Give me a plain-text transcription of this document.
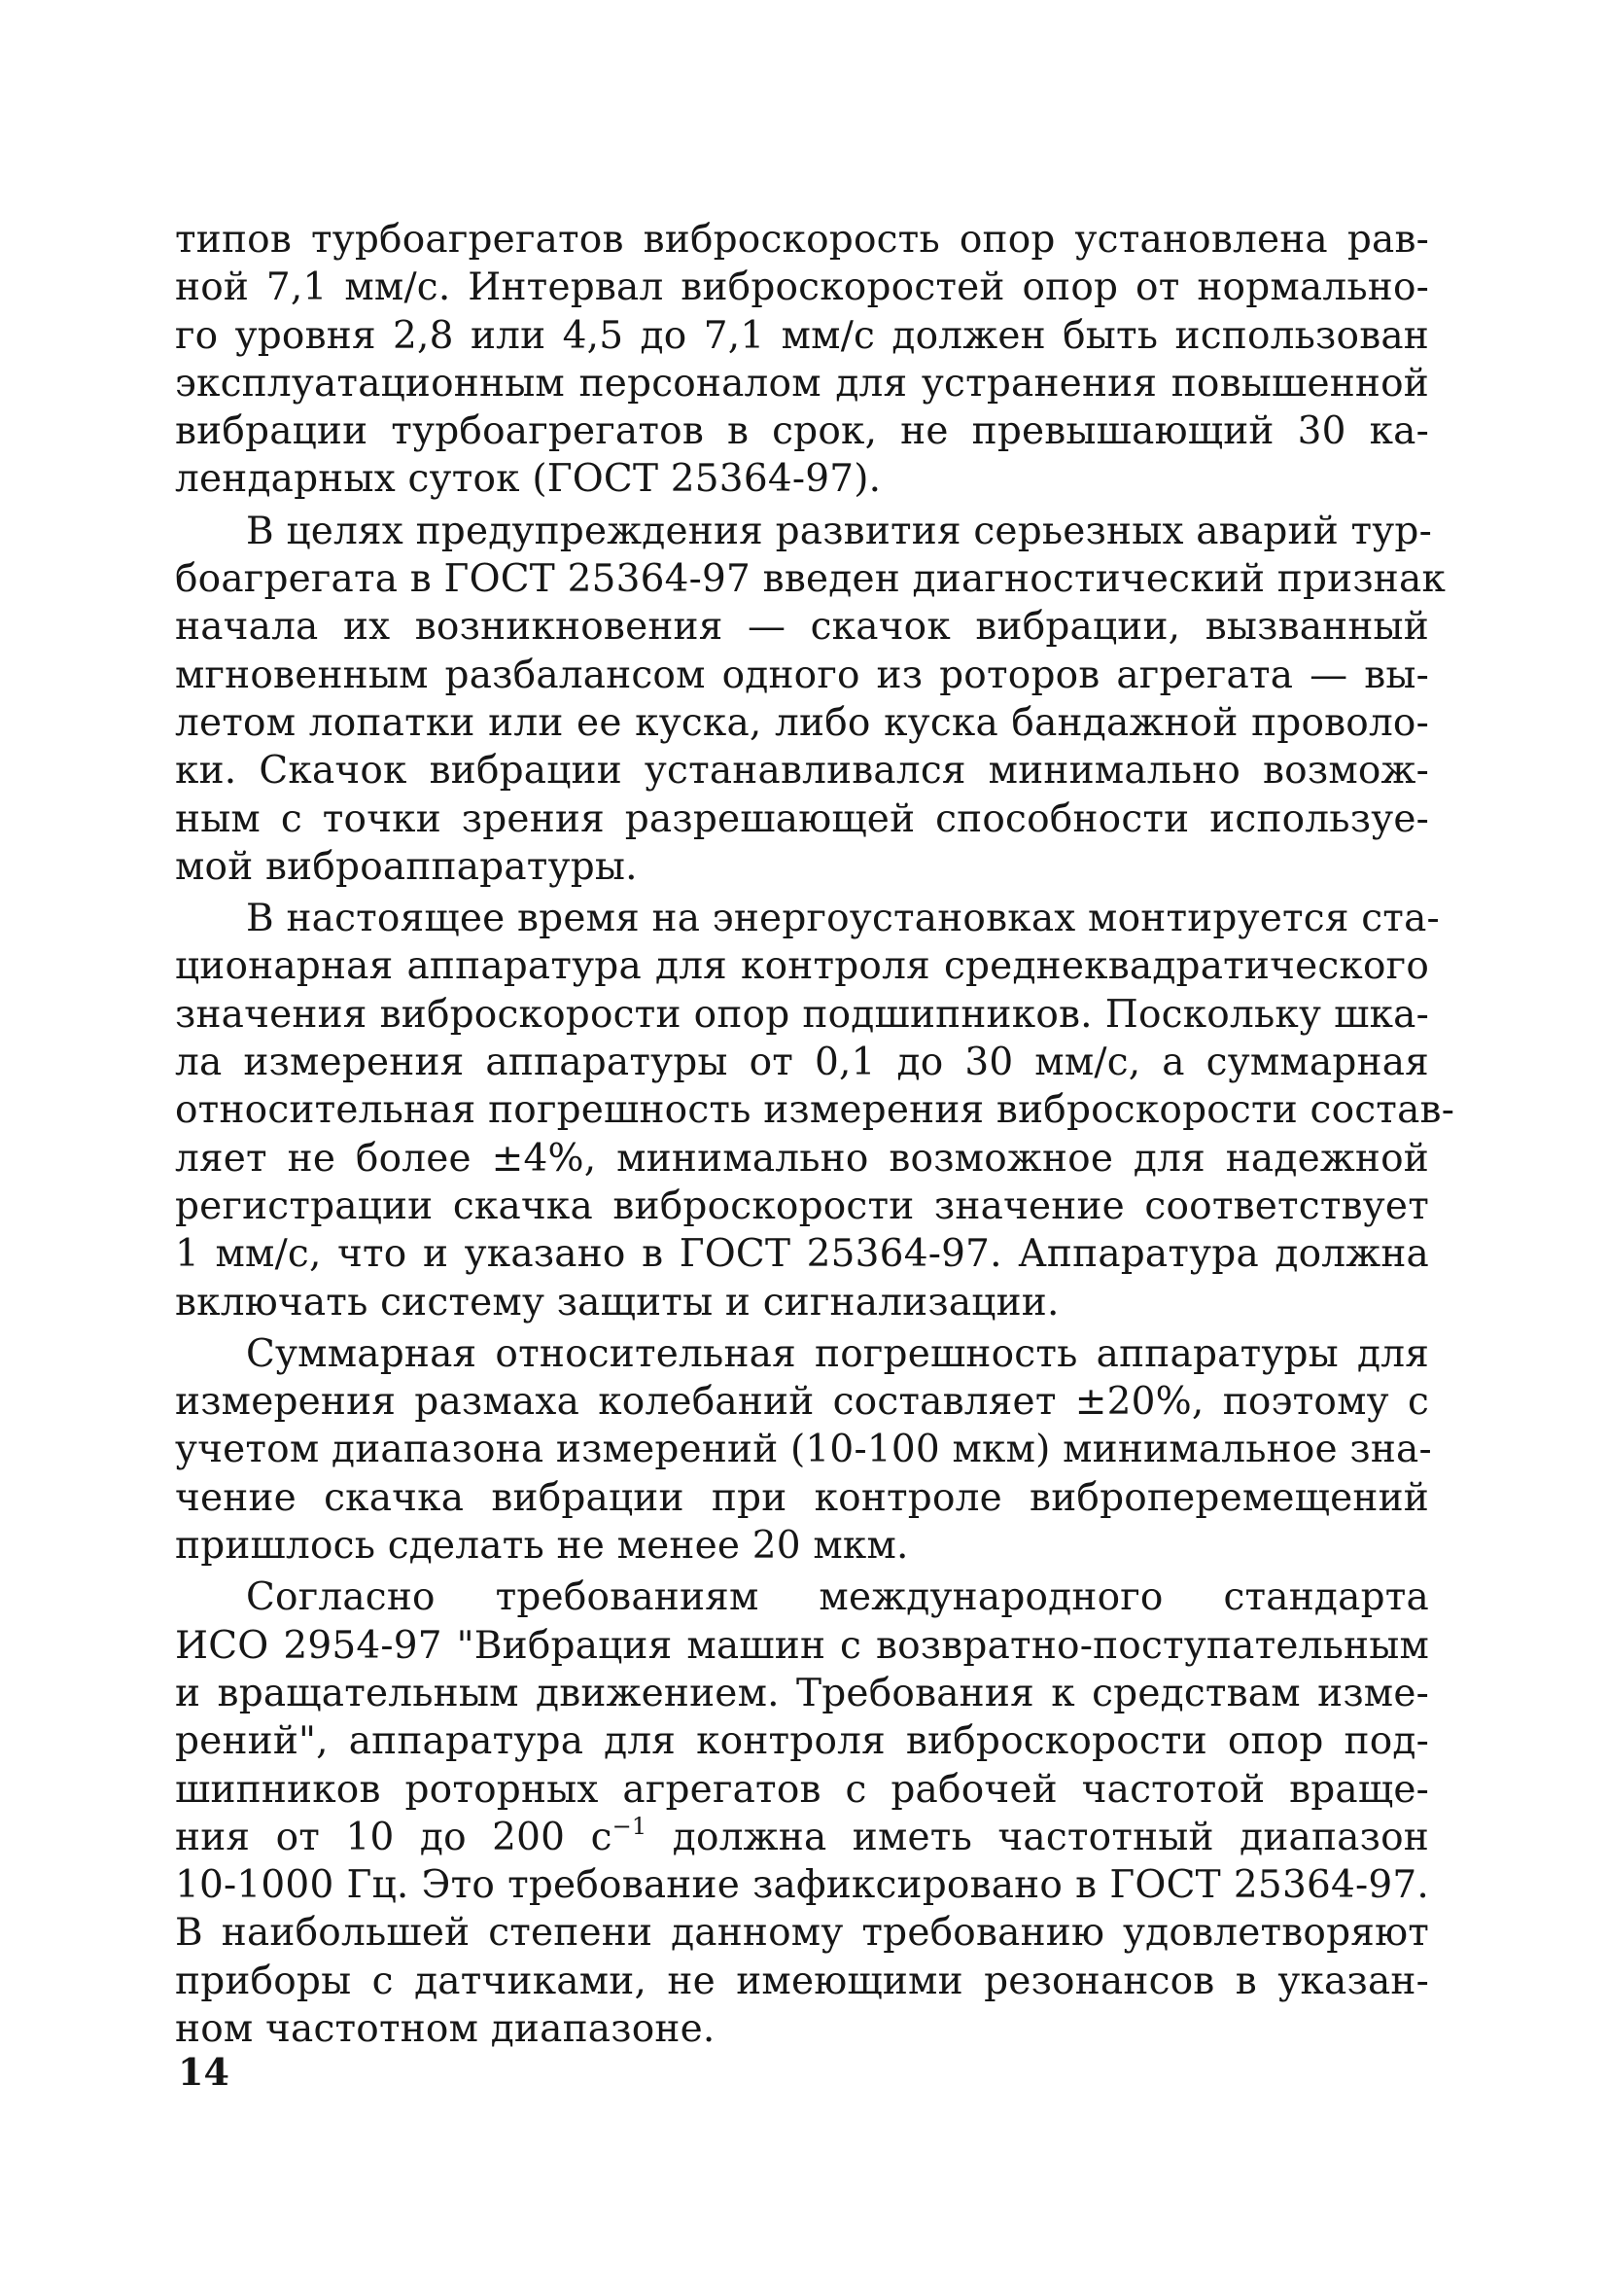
типов турбоагрегатов виброскорость опор установлена рав-
ной 7,1 мм/с. Интервал виброскоростей опор от нормально-
го уровня 2,8 или 4,5 до 7,1 мм/с должен быть использован
эксплуатационным персоналом для устранения повышенной
вибрации турбоагрегатов в срок, не превышающий 30 ка-
лендарных суток (ГОСТ 25364-97).

В целях предупреждения развития серьезных аварий тур-
боагрегата в ГОСТ 25364-97 введен диагностический признак
начала их возникновения — скачок вибрации, вызванный
мгновенным разбалансом одного из роторов агрегата — вы-
летом лопатки или ее куска, либо куска бандажной проволо-
ки. Скачок вибрации устанавливался минимально возмож-
ным с точки зрения разрешающей способности используе-
мой виброаппаратуры.

В настоящее время на энергоустановках монтируется ста-
ционарная аппаратура для контроля среднеквадратического
значения виброскорости опор подшипников. Поскольку шка-
ла измерения аппаратуры от 0,1 до 30 мм/с, а суммарная
относительная погрешность измерения виброскорости состав-
ляет не более ±4%, минимально возможное для надежной
регистрации скачка виброскорости значение соответствует
1 мм/с, что и указано в ГОСТ 25364-97. Аппаратура должна
включать систему защиты и сигнализации.

Суммарная относительная погрешность аппаратуры для
измерения размаха колебаний составляет ±20%, поэтому с
учетом диапазона измерений (10-100 мкм) минимальное зна-
чение скачка вибрации при контроле виброперемещений
пришлось сделать не менее 20 мкм.

Согласно требованиям международного стандарта
ИСО 2954-97 "Вибрация машин с возвратно-поступательным
и вращательным движением. Требования к средствам изме-
рений", аппаратура для контроля виброскорости опор под-
шипников роторных агрегатов с рабочей частотой враще-
ния от 10 до 200 $с^{-1}$ должна иметь частотный диапазон
10-1000 Гц. Это требование зафиксировано в ГОСТ 25364-97.
В наибольшей степени данному требованию удовлетворяют
приборы с датчиками, не имеющими резонансов в указан-
ном частотном диапазоне.

14
